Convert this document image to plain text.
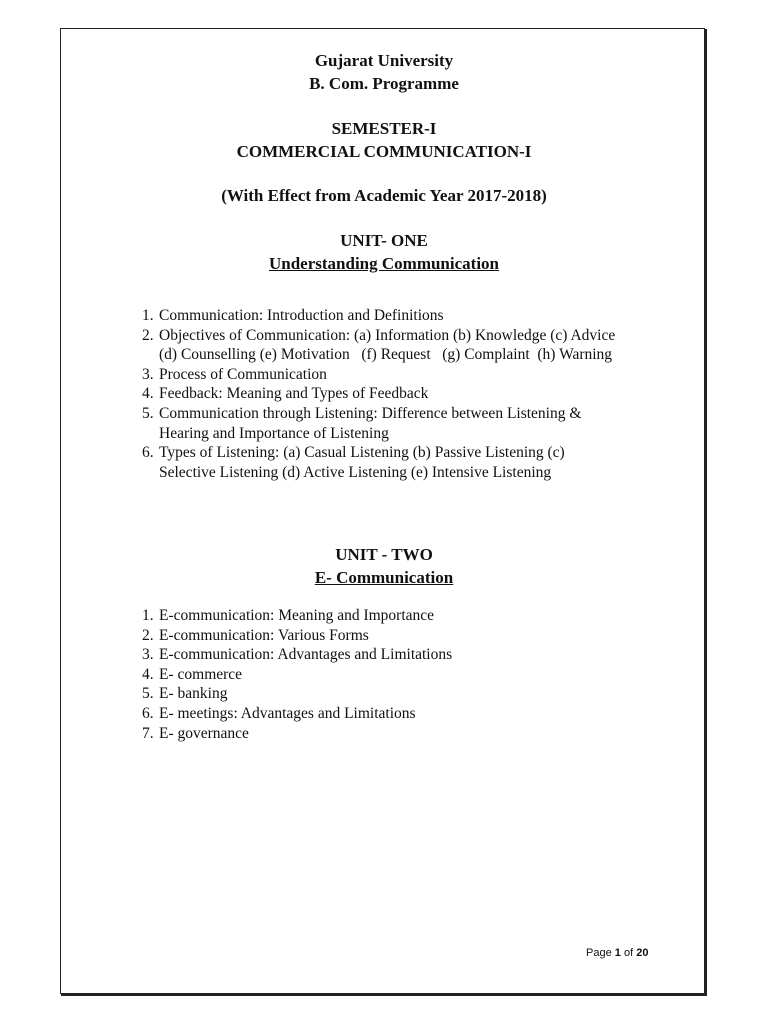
Gujarat University
B. Com. Programme
SEMESTER-I
COMMERCIAL COMMUNICATION-I
(With Effect from Academic Year 2017-2018)
UNIT- ONE
Understanding Communication
1. Communication: Introduction and Definitions
2. Objectives of Communication: (a) Information (b) Knowledge (c) Advice
(d) Counselling (e) Motivation   (f) Request   (g) Complaint  (h) Warning
3. Process of Communication
4. Feedback: Meaning and Types of Feedback
5. Communication through Listening: Difference between Listening &
Hearing and Importance of Listening
6. Types of Listening: (a) Casual Listening (b) Passive Listening (c)
Selective Listening (d) Active Listening (e) Intensive Listening
UNIT - TWO
E- Communication
1. E-communication: Meaning and Importance
2. E-communication: Various Forms
3. E-communication: Advantages and Limitations
4. E- commerce
5. E- banking
6. E- meetings: Advantages and Limitations
7. E- governance
Page 1 of 20
